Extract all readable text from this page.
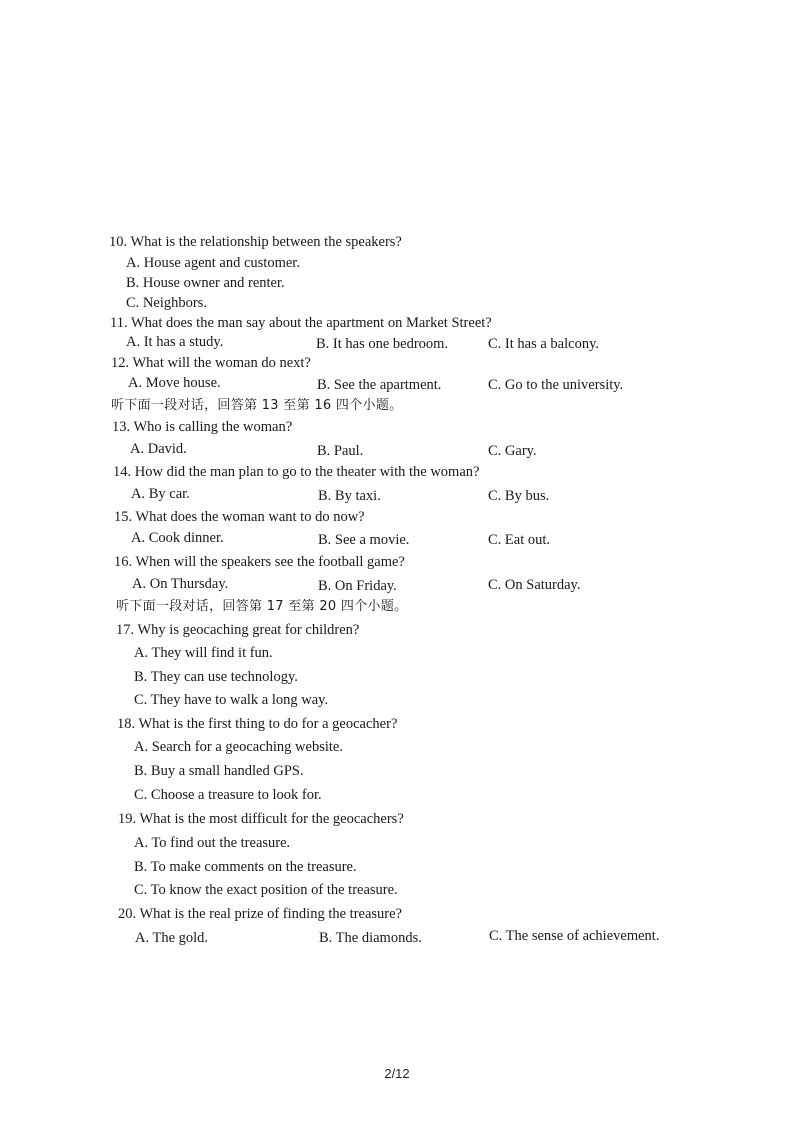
10. What is the relationship between the speakers?
A. House agent and customer.
B. House owner and renter.
C. Neighbors.
11. What does the man say about the apartment on Market Street?
A. It has a study.	B. It has one bedroom.	C. It has a balcony.
12. What will the woman do next?
A. Move house.	B. See the apartment.	C. Go to the university.
听下面一段对话，回答第 13 至第 16 四个小题。
13. Who is calling the woman?
A. David.	B. Paul.	C. Gary.
14. How did the man plan to go to the theater with the woman?
A. By car.	B. By taxi.	C. By bus.
15. What does the woman want to do now?
A. Cook dinner.	B. See a movie.	C. Eat out.
16. When will the speakers see the football game?
A. On Thursday.	B. On Friday.	C. On Saturday.
听下面一段对话，回答第 17 至第 20 四个小题。
17. Why is geocaching great for children?
A. They will find it fun.
B. They can use technology.
C. They have to walk a long way.
18. What is the first thing to do for a geocacher?
A. Search for a geocaching website.
B. Buy a small handled GPS.
C. Choose a treasure to look for.
19. What is the most difficult for the geocachers?
A. To find out the treasure.
B. To make comments on the treasure.
C. To know the exact position of the treasure.
20. What is the real prize of finding the treasure?
A. The gold.	B. The diamonds.	C. The sense of achievement.
2/12
